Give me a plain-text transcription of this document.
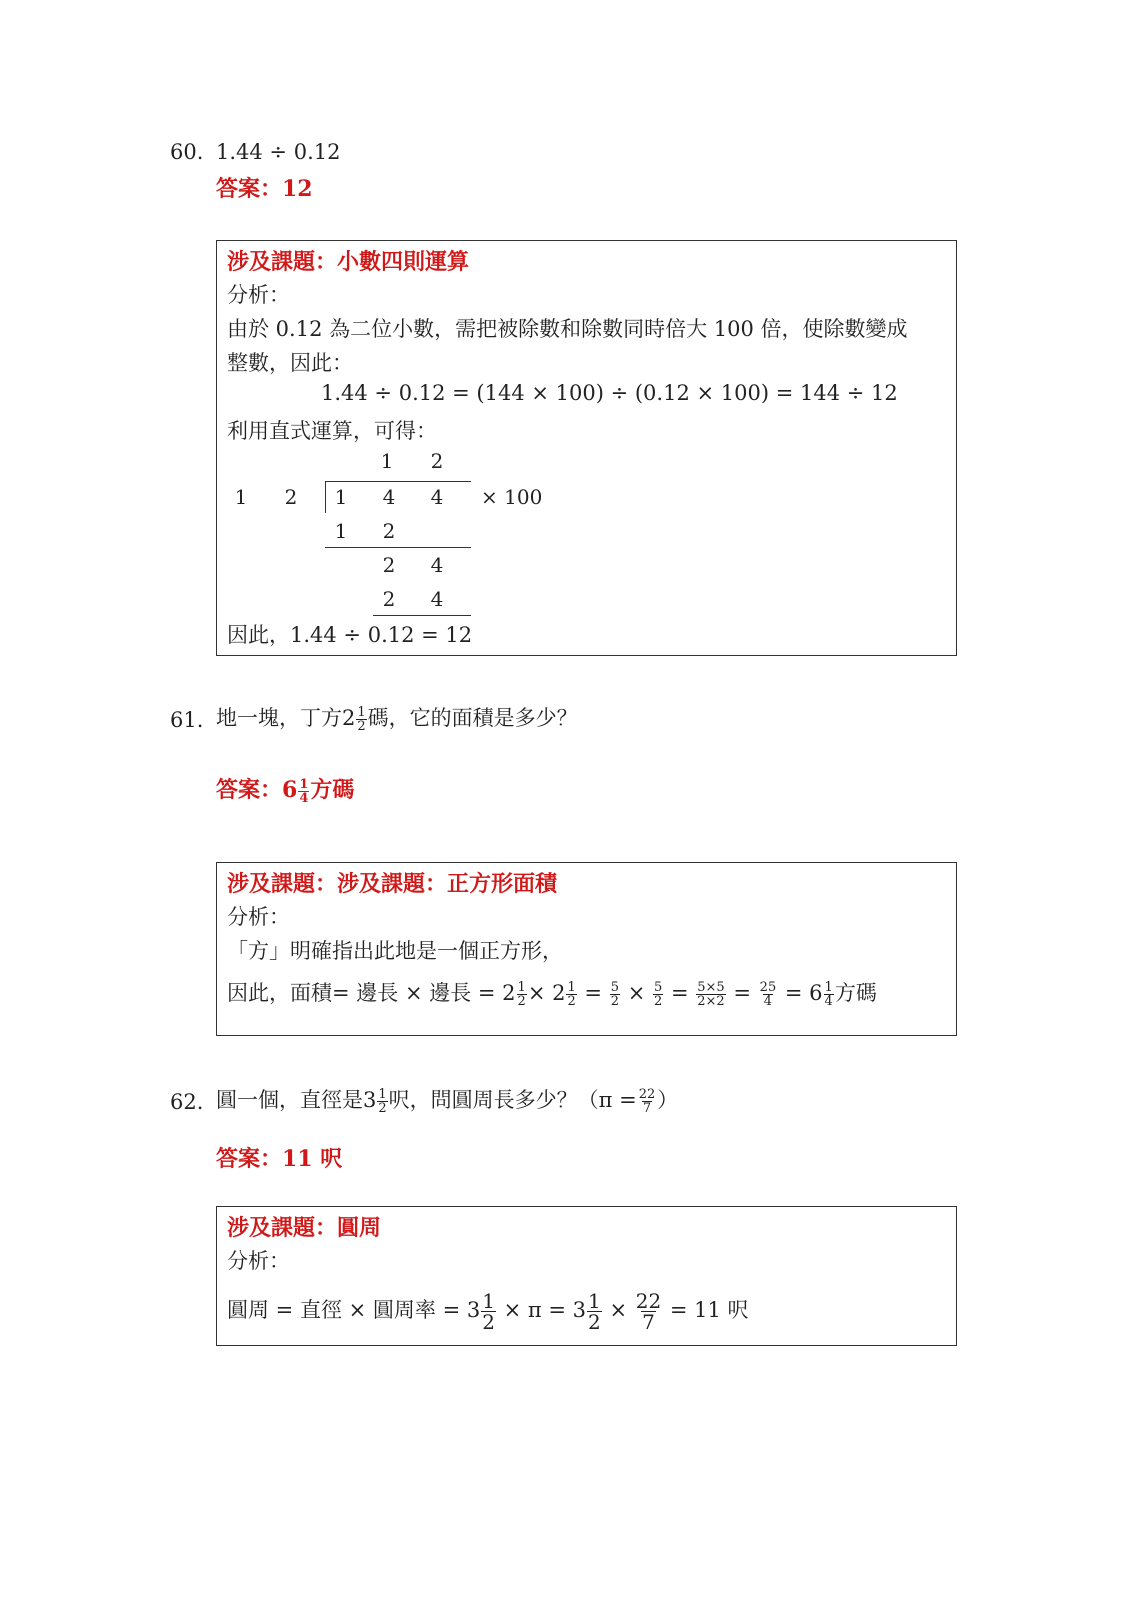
60. 1.44 ÷ 0.12
答案：12
涉及課題：小數四則運算
分析：
由於 0.12 為二位小數，需把被除數和除數同時倍大 100 倍，使除數變成
整數，因此：
1.44 ÷ 0.12 = (144 × 100) ÷ (0.12 × 100) = 144 ÷ 12
利用直式運算，可得：
1 2
1 2 1 4 4 × 100
1 2
2 4
2 4
因此，1.44 ÷ 0.12 = 12
61. 地一塊，丁方$2 \frac{1}{2}$ 碼，它的面積是多少？
答案：$6 \frac{1}{4}$ 方碼
涉及課題：涉及課題：正方形面積
分析：
「方」明確指出此地是一個正方形，
因此，面積= 邊長 × 邊長 = $2 \frac{1}{2} \times 2 \frac{1}{2} = \frac{5}{2} \times \frac{5}{2} = \frac{5\times 5}{2\times 2} = \frac{25}{4} = 6 \frac{1}{4}$ 方碼
62. 圓一個，直徑是$3 \frac{1}{2}$ 呎，問圓周長多少？（$\pi = \frac{22}{7}$ ）
答案：11 呎
涉及課題：圓周
分析：
圓周 = 直徑 × 圓周率 = $3 \frac{1}{2} \times \pi = 3 \frac{1}{2} \times \frac{22}{7} = 11$ 呎
